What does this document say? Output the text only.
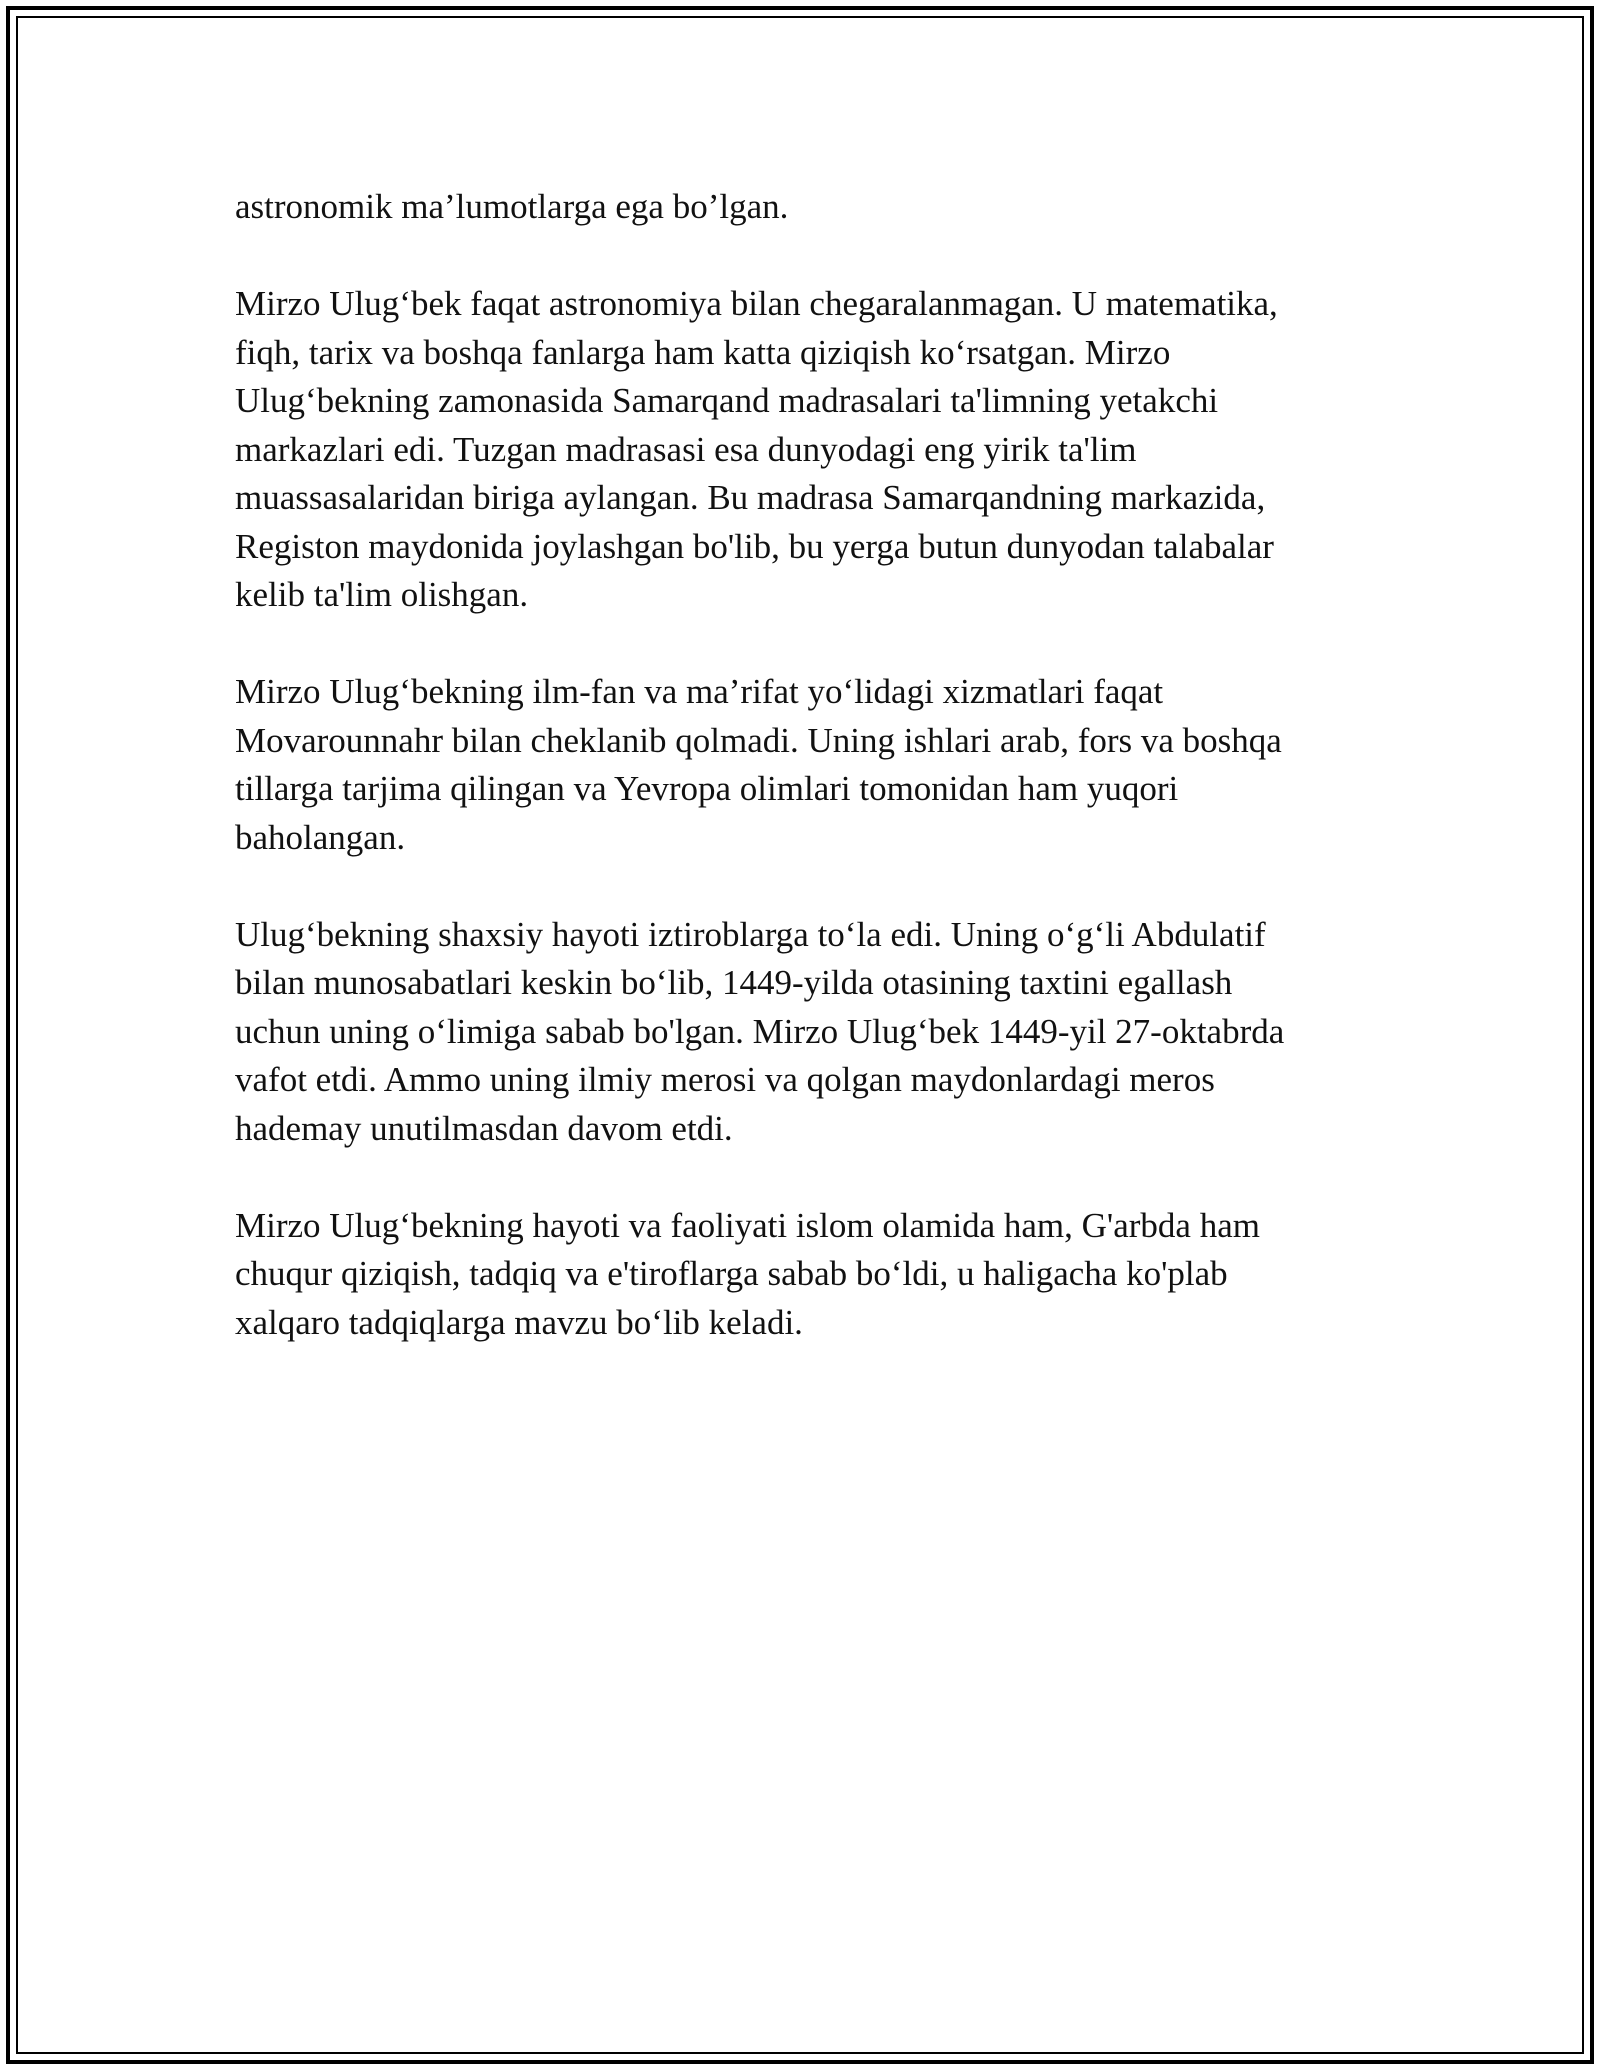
astronomik ma’lumotlarga ega bo’lgan.

Mirzo Ulug‘bek faqat astronomiya bilan chegaralanmagan. U matematika,
fiqh, tarix va boshqa fanlarga ham katta qiziqish ko‘rsatgan. Mirzo
Ulug‘bekning zamonasida Samarqand madrasalari ta'limning yetakchi
markazlari edi. Tuzgan madrasasi esa dunyodagi eng yirik ta'lim
muassasalaridan biriga aylangan. Bu madrasa Samarqandning markazida,
Registon maydonida joylashgan bo'lib, bu yerga butun dunyodan talabalar
kelib ta'lim olishgan.

Mirzo Ulug‘bekning ilm-fan va ma’rifat yo‘lidagi xizmatlari faqat
Movarounnahr bilan cheklanib qolmadi. Uning ishlari arab, fors va boshqa
tillarga tarjima qilingan va Yevropa olimlari tomonidan ham yuqori
baholangan.

Ulug‘bekning shaxsiy hayoti iztiroblarga to‘la edi. Uning o‘g‘li Abdulatif
bilan munosabatlari keskin bo‘lib, 1449-yilda otasining taxtini egallash
uchun uning o‘limiga sabab bo'lgan. Mirzo Ulug‘bek 1449-yil 27-oktabrda
vafot etdi. Ammo uning ilmiy merosi va qolgan maydonlardagi meros
hademay unutilmasdan davom etdi.

Mirzo Ulug‘bekning hayoti va faoliyati islom olamida ham, G'arbda ham
chuqur qiziqish, tadqiq va e'tiroflarga sabab bo‘ldi, u haligacha ko'plab
xalqaro tadqiqlarga mavzu bo‘lib keladi.
